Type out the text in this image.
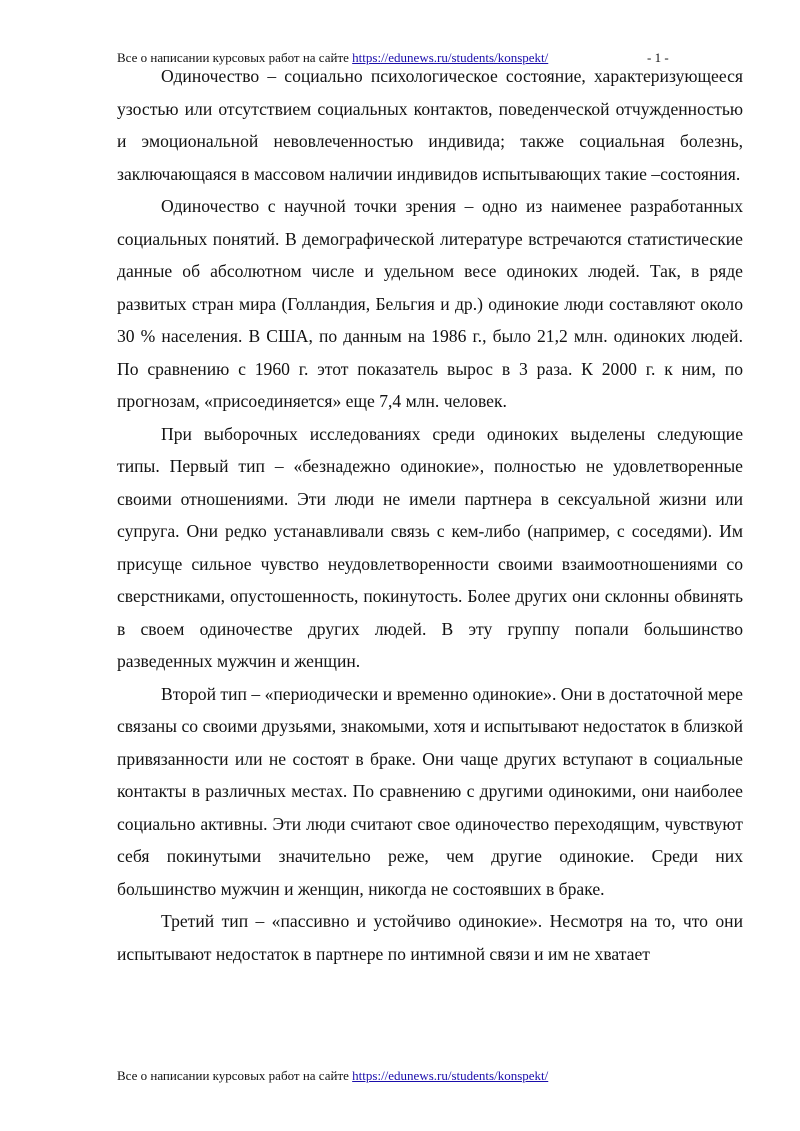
Все о написании курсовых работ на сайте https://edunews.ru/students/konspekt/	- 1 -

Одиночество – социально психологическое состояние, характеризующееся узостью или отсутствием социальных контактов, поведенческой отчужденностью и эмоциональной невовлеченностью индивида; также социальная болезнь, заключающаяся в массовом наличии индивидов испытывающих такие –состояния.

Одиночество с научной точки зрения – одно из наименее разработанных социальных понятий. В демографической литературе встречаются статистические данные об абсолютном числе и удельном весе одиноких людей. Так, в ряде развитых стран мира (Голландия, Бельгия и др.) одинокие люди составляют около 30 % населения. В США, по данным на 1986 г., было 21,2 млн. одиноких людей. По сравнению с 1960 г. этот показатель вырос в 3 раза. К 2000 г. к ним, по прогнозам, «присоединяется» еще 7,4 млн. человек.

При выборочных исследованиях среди одиноких выделены следующие типы. Первый тип – «безнадежно одинокие», полностью не удовлетворенные своими отношениями. Эти люди не имели партнера в сексуальной жизни или супруга. Они редко устанавливали связь с кем-либо (например, с соседями). Им присуще сильное чувство неудовлетворенности своими взаимоотношениями со сверстниками, опустошенность, покинутость. Более других они склонны обвинять в своем одиночестве других людей. В эту группу попали большинство разведенных мужчин и женщин.

Второй тип – «периодически и временно одинокие». Они в достаточной мере связаны со своими друзьями, знакомыми, хотя и испытывают недостаток в близкой привязанности или не состоят в браке. Они чаще других вступают в социальные контакты в различных местах. По сравнению с другими одинокими, они наиболее социально активны. Эти люди считают свое одиночество переходящим, чувствуют себя покинутыми значительно реже, чем другие одинокие. Среди них большинство мужчин и женщин, никогда не состоявших в браке.

Третий тип – «пассивно и устойчиво одинокие». Несмотря на то, что они испытывают недостаток в партнере по интимной связи и им не хватает

Все о написании курсовых работ на сайте https://edunews.ru/students/konspekt/
